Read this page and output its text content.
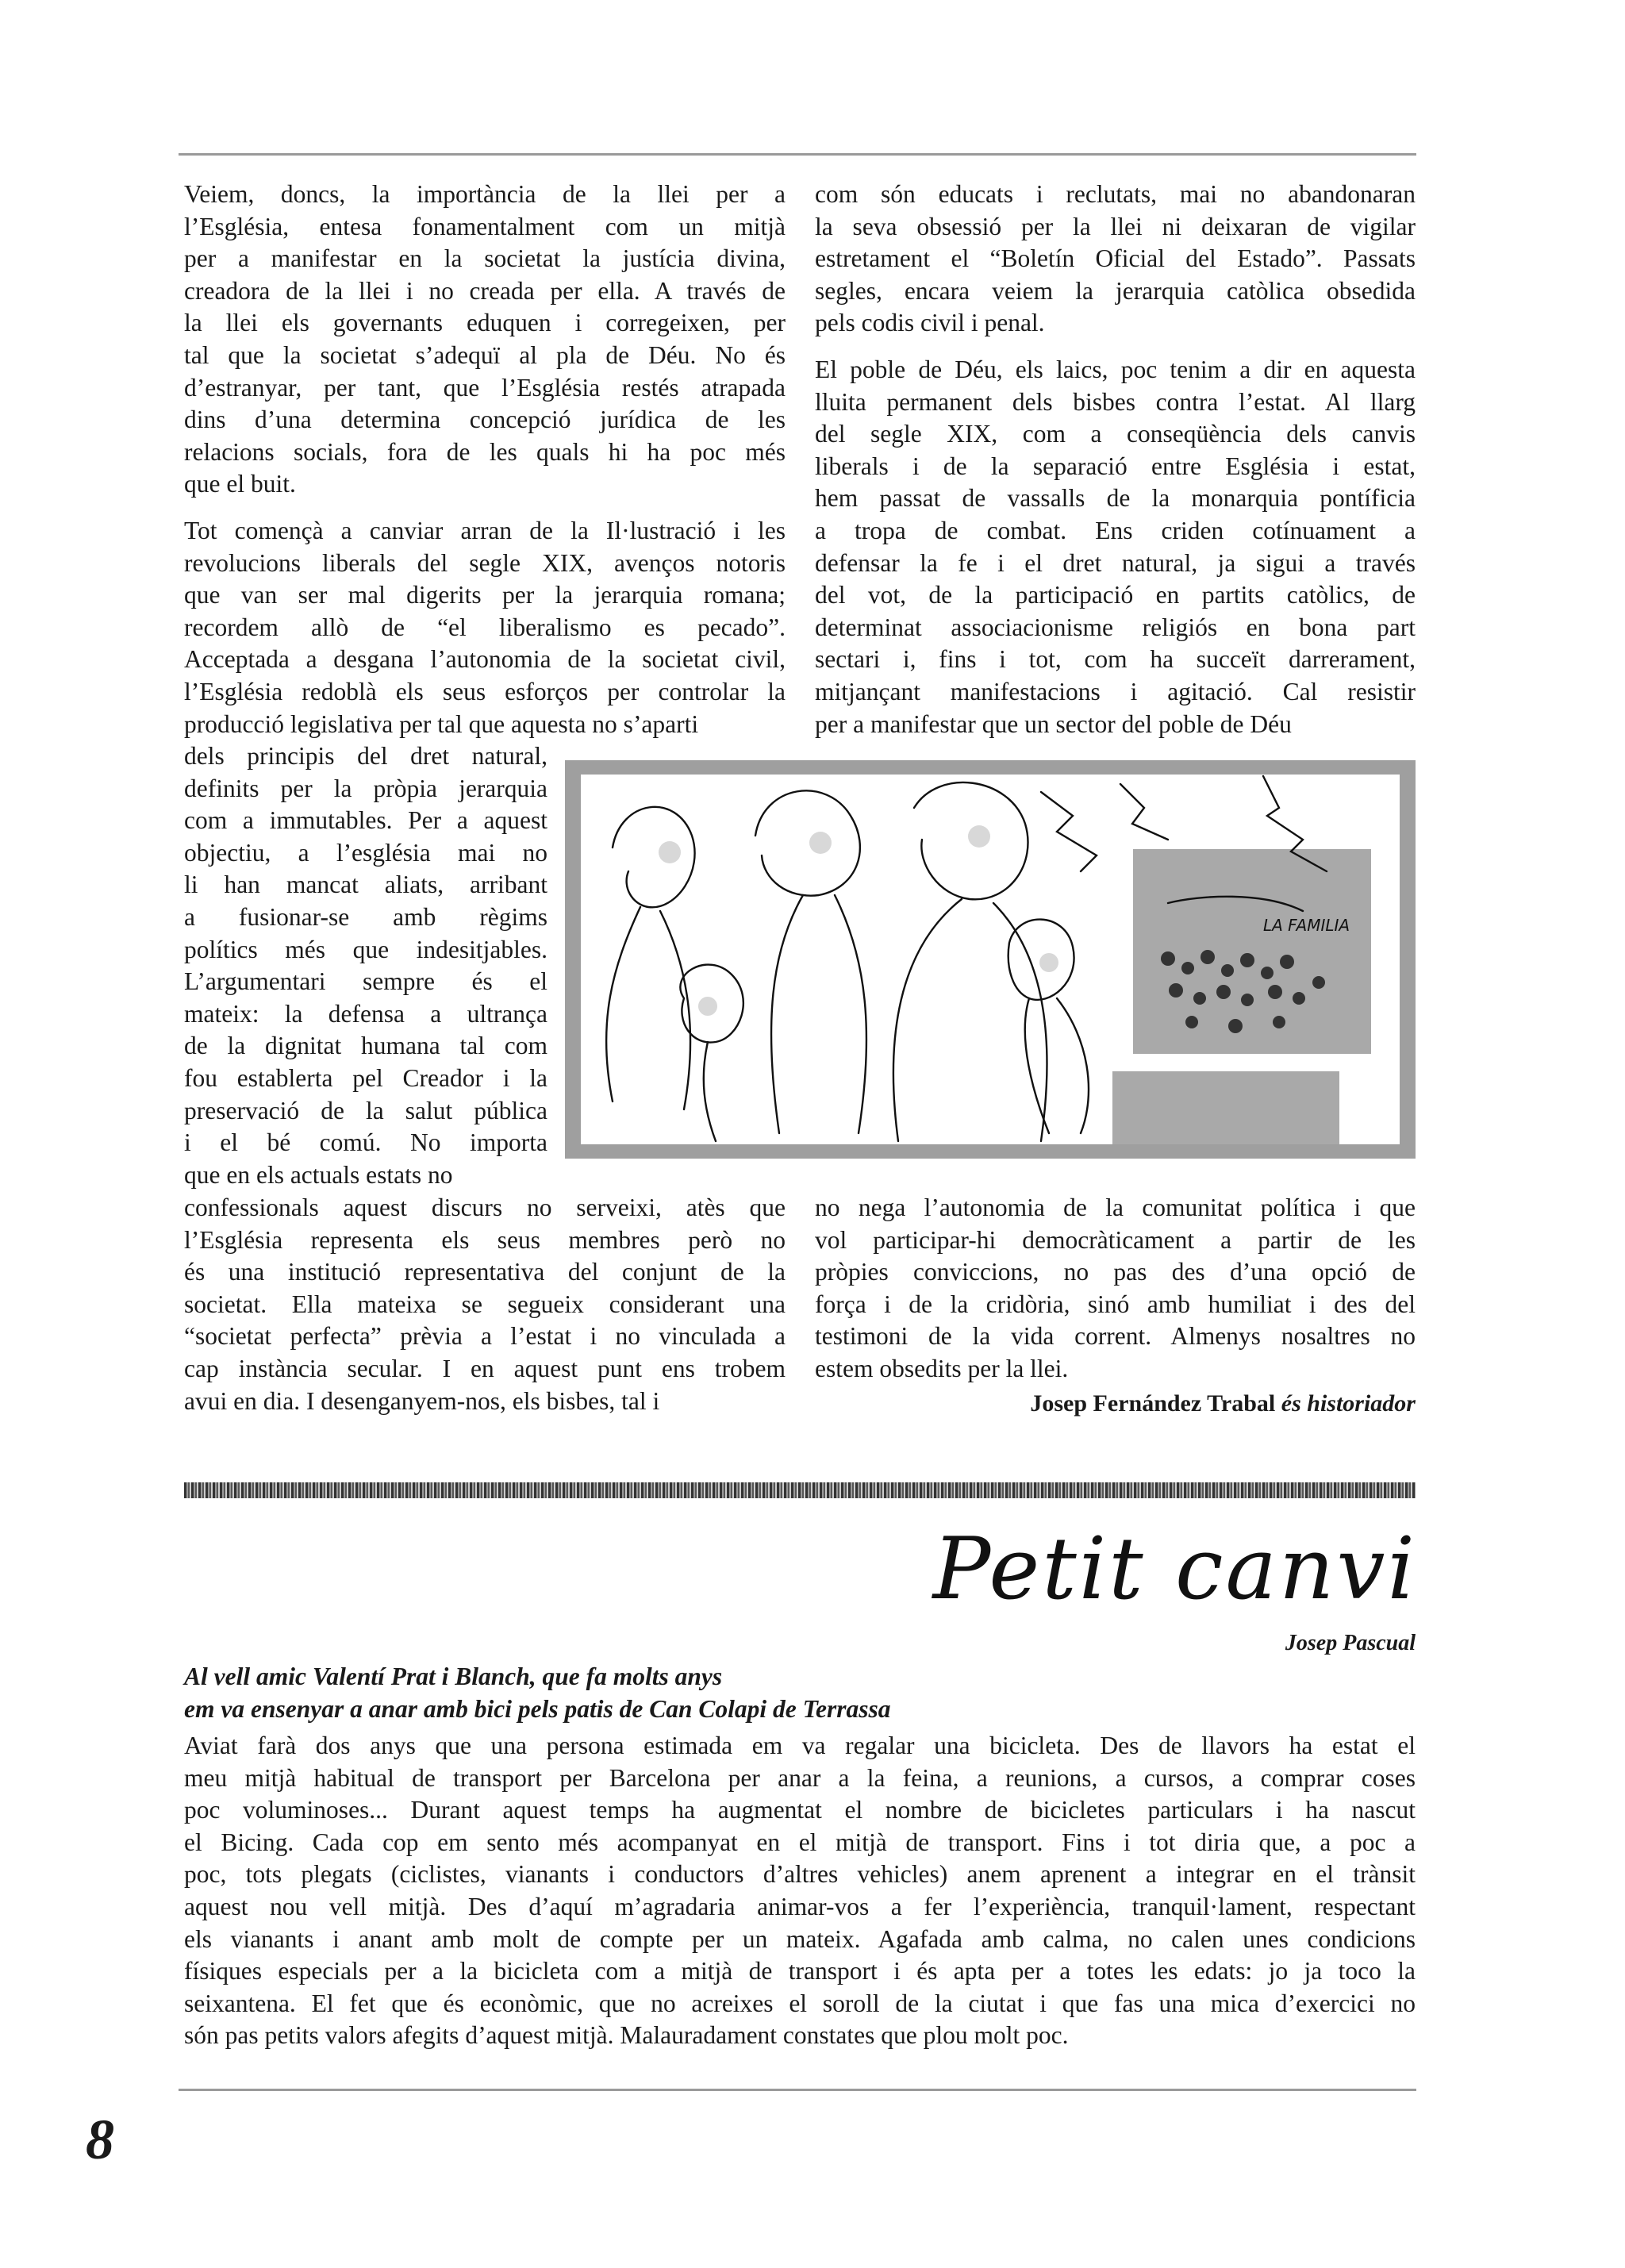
Veiem, doncs, la importància de la llei per a
l’Església, entesa fonamentalment com un mitjà
per a manifestar en la societat la justícia divina,
creadora de la llei i no creada per ella. A través de
la llei els governants eduquen i corregeixen, per
tal que la societat s’adequï al pla de Déu. No és
d’estranyar, per tant, que l’Església restés atrapada
dins d’una determina concepció jurídica de les
relacions socials, fora de les quals hi ha poc més
que el buit.
Tot començà a canviar arran de la Il·lustració i les
revolucions liberals del segle XIX, avenços notoris
que van ser mal digerits per la jerarquia romana;
recordem allò de “el liberalismo es pecado”.
Acceptada a desgana l’autonomia de la societat civil,
l’Església redoblà els seus esforços per controlar la
producció legislativa per tal que aquesta no s’aparti
dels principis del dret natural,
definits per la pròpia jerarquia
com a immutables. Per a aquest
objectiu, a l’església mai no
li han mancat aliats, arribant
a fusionar-se amb règims
polítics més que indesitjables.
L’argumentari sempre és el
mateix: la defensa a ultrança
de la dignitat humana tal com
fou establerta pel Creador i la
preservació de la salut pública
i el bé comú. No importa
que en els actuals estats no
confessionals aquest discurs no serveixi, atès que
l’Església representa els seus membres però no
és una institució representativa del conjunt de la
societat. Ella mateixa se segueix considerant una
“societat perfecta” prèvia a l’estat i no vinculada a
cap instància secular. I en aquest punt ens trobem
avui en dia. I desenganyem-nos, els bisbes, tal i
com són educats i reclutats, mai no abandonaran
la seva obsessió per la llei ni deixaran de vigilar
estretament el “Boletín Oficial del Estado”. Passats
segles, encara veiem la jerarquia catòlica obsedida
pels codis civil i penal.
El poble de Déu, els laics, poc tenim a dir en aquesta
lluita permanent dels bisbes contra l’estat. Al llarg
del segle XIX, com a conseqüència dels canvis
liberals i de la separació entre Església i estat,
hem passat de vassalls de la monarquia pontíficia
a tropa de combat. Ens criden cotínuament a
defensar la fe i el dret natural, ja sigui a través
del vot, de la participació en partits catòlics, de
determinat associacionisme religiós en bona part
sectari i, fins i tot, com ha succeït darrerament,
mitjançant manifestacions i agitació. Cal resistir
per a manifestar que un sector del poble de Déu
no nega l’autonomia de la comunitat política i que
vol participar-hi democràticament a partir de les
pròpies conviccions, no pas des d’una opció de
força i de la cridòria, sinó amb humiliat i des del
testimoni de la vida corrent. Almenys nosaltres no
estem obsedits per la llei.
LA FAMILIA
Josep Fernández Trabal és historiador
Petit canvi
Josep Pascual
Al vell amic Valentí Prat i Blanch, que fa molts anys
em va ensenyar a anar amb bici pels patis de Can Colapi de Terrassa
Aviat farà dos anys que una persona estimada em va regalar una bicicleta. Des de llavors ha estat el
meu mitjà habitual de transport per Barcelona per anar a la feina, a reunions, a cursos, a comprar coses
poc voluminoses... Durant aquest temps ha augmentat el nombre de bicicletes particulars i ha nascut
el Bicing. Cada cop em sento més acompanyat en el mitjà de transport. Fins i tot diria que, a poc a
poc, tots plegats (ciclistes, vianants i conductors d’altres vehicles) anem aprenent a integrar en el trànsit
aquest nou vell mitjà. Des d’aquí m’agradaria animar-vos a fer l’experiència, tranquil·lament, respectant
els vianants i anant amb molt de compte per un mateix. Agafada amb calma, no calen unes condicions
físiques especials per a la bicicleta com a mitjà de transport i és apta per a totes les edats: jo ja toco la
seixantena. El fet que és econòmic, que no acreixes el soroll de la ciutat i que fas una mica d’exercici no
són pas petits valors afegits d’aquest mitjà. Malauradament constates que plou molt poc.
8
